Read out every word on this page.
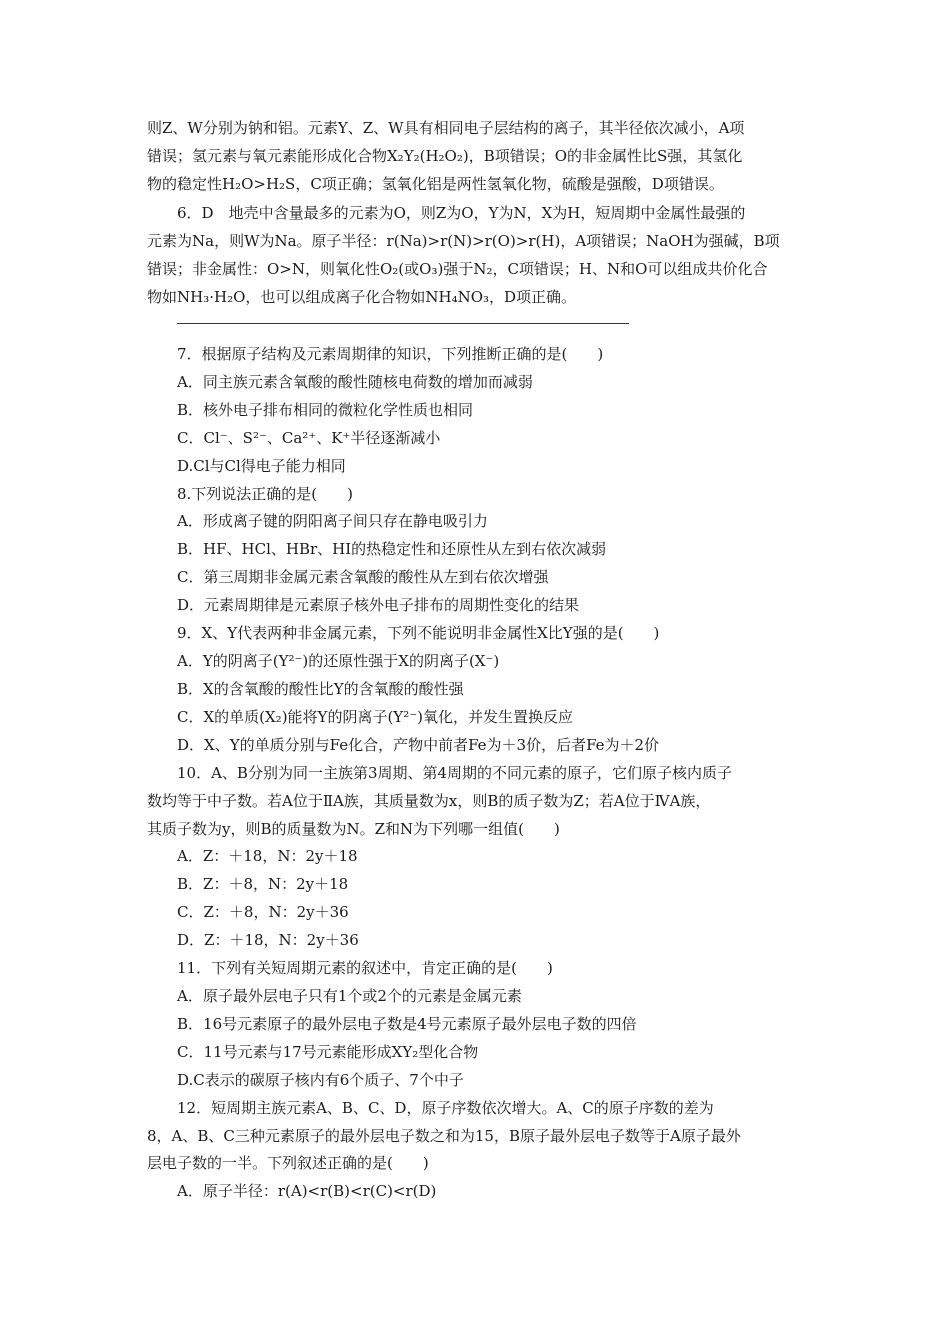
则Z、W分别为钠和铝。元素Y、Z、W具有相同电子层结构的离子，其半径依次减小，A项
错误；氢元素与氧元素能形成化合物X₂Y₂(H₂O₂)，B项错误；O的非金属性比S强，其氢化
物的稳定性H₂O>H₂S，C项正确；氢氧化铝是两性氢氧化物，硫酸是强酸，D项错误。
6．D　地壳中含量最多的元素为O，则Z为O，Y为N，X为H，短周期中金属性最强的
元素为Na，则W为Na。原子半径：r(Na)>r(N)>r(O)>r(H)，A项错误；NaOH为强碱，B项
错误；非金属性：O>N，则氧化性O₂(或O₃)强于N₂，C项错误；H、N和O可以组成共价化合
物如NH₃·H₂O，也可以组成离子化合物如NH₄NO₃，D项正确。
7．根据原子结构及元素周期律的知识，下列推断正确的是(　　)
A．同主族元素含氧酸的酸性随核电荷数的增加而减弱
B．核外电子排布相同的微粒化学性质也相同
C．Cl⁻、S²⁻、Ca²⁺、K⁺半径逐渐减小
D.Cl与Cl得电子能力相同
8.下列说法正确的是(　　)
A．形成离子键的阴阳离子间只存在静电吸引力
B．HF、HCl、HBr、HI的热稳定性和还原性从左到右依次减弱
C．第三周期非金属元素含氧酸的酸性从左到右依次增强
D．元素周期律是元素原子核外电子排布的周期性变化的结果
9．X、Y代表两种非金属元素，下列不能说明非金属性X比Y强的是(　　)
A．Y的阴离子(Y²⁻)的还原性强于X的阴离子(X⁻)
B．X的含氧酸的酸性比Y的含氧酸的酸性强
C．X的单质(X₂)能将Y的阴离子(Y²⁻)氧化，并发生置换反应
D．X、Y的单质分别与Fe化合，产物中前者Fe为＋3价，后者Fe为＋2价
10．A、B分别为同一主族第3周期、第4周期的不同元素的原子，它们原子核内质子
数均等于中子数。若A位于ⅡA族，其质量数为x，则B的质子数为Z；若A位于ⅣA族，
其质子数为y，则B的质量数为N。Z和N为下列哪一组值(　　)
A．Z：＋18，N：2y＋18
B．Z：＋8，N：2y＋18
C．Z：＋8，N：2y＋36
D．Z：＋18，N：2y＋36
11．下列有关短周期元素的叙述中，肯定正确的是(　　)
A．原子最外层电子只有1个或2个的元素是金属元素
B．16号元素原子的最外层电子数是4号元素原子最外层电子数的四倍
C．11号元素与17号元素能形成XY₂型化合物
D.C表示的碳原子核内有6个质子、7个中子
12．短周期主族元素A、B、C、D，原子序数依次增大。A、C的原子序数的差为
8，A、B、C三种元素原子的最外层电子数之和为15，B原子最外层电子数等于A原子最外
层电子数的一半。下列叙述正确的是(　　)
A．原子半径：r(A)<r(B)<r(C)<r(D)
